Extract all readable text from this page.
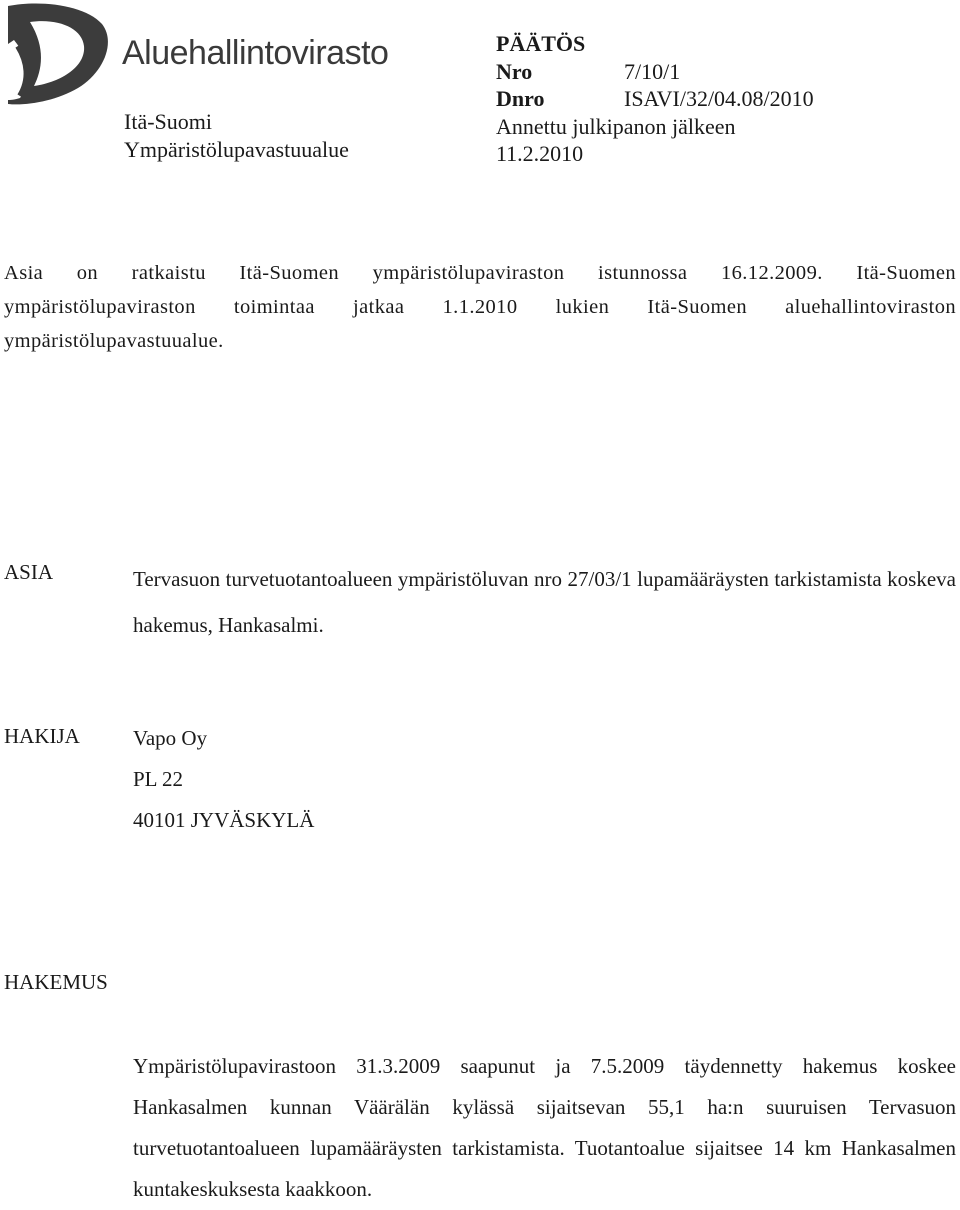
Aluehallintovirasto
Itä-Suomi
Ympäristölupavastuualue
PÄÄTÖS
Nro	7/10/1
Dnro	ISAVI/32/04.08/2010
Annettu julkipanon jälkeen
11.2.2010
Asia on ratkaistu Itä-Suomen ympäristölupaviraston istunnossa 16.12.2009. Itä-Suomen ympäristölupaviraston toimintaa jatkaa 1.1.2010 lukien Itä-Suomen aluehallintoviraston ympäristölupavastuualue.
ASIA	Tervasuon turvetuotantoalueen ympäristöluvan nro 27/03/1 lupamääräysten tarkistamista koskeva hakemus, Hankasalmi.
HAKIJA	Vapo Oy
PL 22
40101 JYVÄSKYLÄ
HAKEMUS
Ympäristölupavirastoon 31.3.2009 saapunut ja 7.5.2009 täydennetty hakemus koskee Hankasalmen kunnan Väärälän kylässä sijaitsevan 55,1 ha:n suuruisen Tervasuon turvetuotantoalueen lupamääräysten tarkistamista. Tuotantoalue sijaitsee 14 km Hankasalmen kuntakeskuksesta kaakkoon.
